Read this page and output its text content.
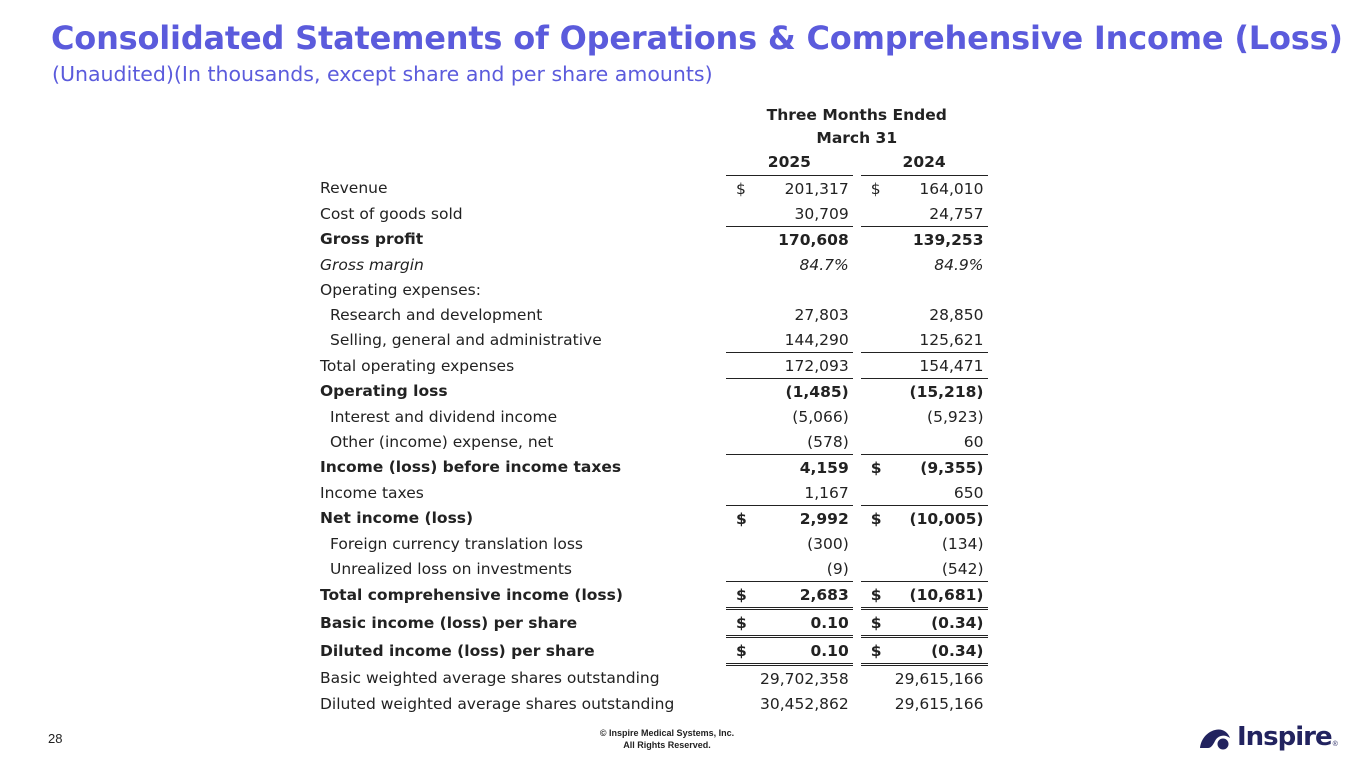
Consolidated Statements of Operations & Comprehensive Income (Loss)
(Unaudited)(In thousands, except share and per share amounts)
	Three Months Ended				
	March 31				
	2025			2024	
Revenue	$	201,317		$	164,010
Cost of goods sold		30,709			24,757
Gross profit		170,608			139,253
Gross margin		84.7%			84.9%
Operating expenses:					
Research and development		27,803			28,850
Selling, general and administrative		144,290			125,621
Total operating expenses		172,093			154,471
Operating loss		(1,485)			(15,218)
Interest and dividend income		(5,066)			(5,923)
Other (income) expense, net		(578)			60
Income (loss) before income taxes		4,159		$	(9,355)
Income taxes		1,167			650
Net income (loss)	$	2,992		$	(10,005)
Foreign currency translation loss		(300)			(134)
Unrealized loss on investments		(9)			(542)
Total comprehensive income (loss)	$	2,683		$	(10,681)
Basic income (loss) per share	$	0.10		$	(0.34)
Diluted income (loss) per share	$	0.10		$	(0.34)
Basic weighted average shares outstanding		29,702,358			29,615,166
Diluted weighted average shares outstanding		30,452,862			29,615,166
28	© Inspire Medical Systems, Inc.
All Rights Reserved.	Inspire ®
